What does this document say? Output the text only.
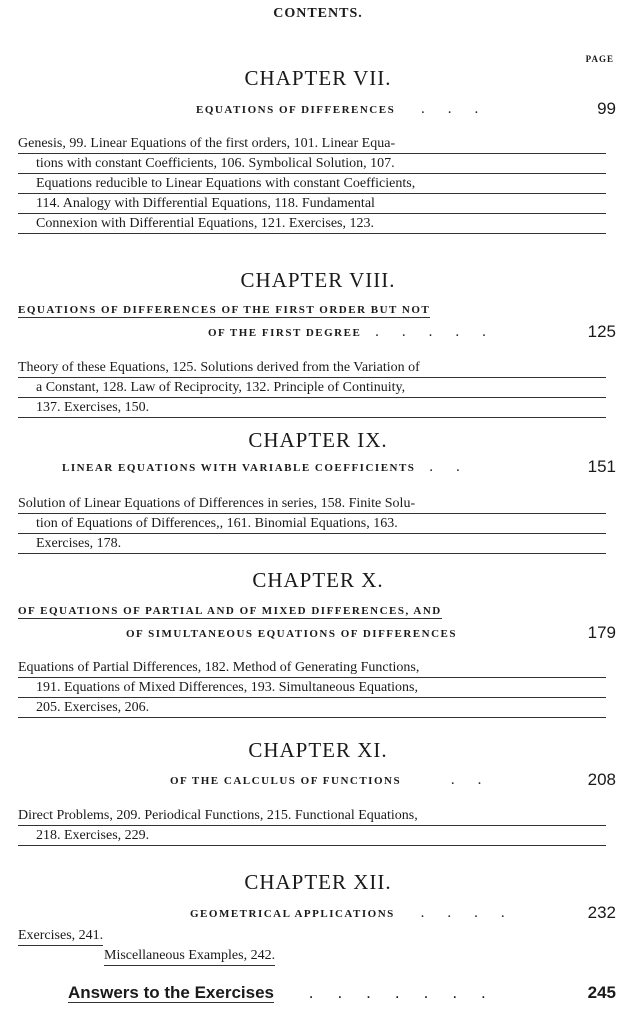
CONTENTS.
PAGE
CHAPTER VII.
EQUATIONS OF DIFFERENCES ...	99
Genesis, 99. Linear Equations of the first orders, 101. Linear Equa-
tions with constant Coefficients, 106. Symbolical Solution, 107.
Equations reducible to Linear Equations with constant Coefficients,
114. Analogy with Differential Equations, 118. Fundamental
Connexion with Differential Equations, 121. Exercises, 123.
CHAPTER VIII.
EQUATIONS OF DIFFERENCES OF THE FIRST ORDER BUT NOT
OF THE FIRST DEGREE .....	125
Theory of these Equations, 125. Solutions derived from the Variation of
a Constant, 128. Law of Reciprocity, 132. Principle of Continuity,
137. Exercises, 150.
CHAPTER IX.
LINEAR EQUATIONS WITH VARIABLE COEFFICIENTS ..	151
Solution of Linear Equations of Differences in series, 158. Finite Solu-
tion of Equations of Differences,, 161. Binomial Equations, 163.
Exercises, 178.
CHAPTER X.
OF EQUATIONS OF PARTIAL AND OF MIXED DIFFERENCES, AND
OF SIMULTANEOUS EQUATIONS OF DIFFERENCES	179
Equations of Partial Differences, 182. Method of Generating Functions,
191. Equations of Mixed Differences, 193. Simultaneous Equations,
205. Exercises, 206.
CHAPTER XI.
OF THE CALCULUS OF FUNCTIONS	..	208
Direct Problems, 209. Periodical Functions, 215. Functional Equations,
218. Exercises, 229.
CHAPTER XII.
GEOMETRICAL APPLICATIONS ....	232
Exercises, 241.
Miscellaneous Examples, 242.
Answers to the Exercises .......	245
